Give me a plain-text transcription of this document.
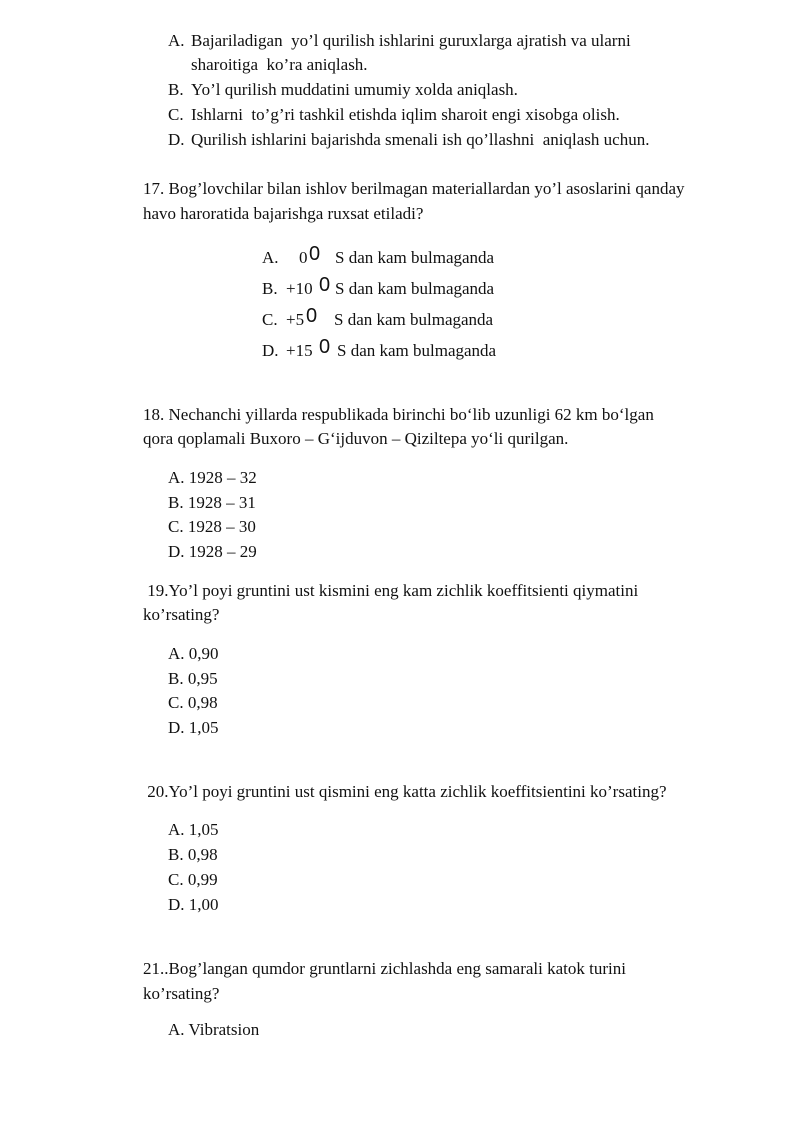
A. Bajariladigan  yo’l qurilish ishlarini guruxlarga ajratish va ularni
sharoitiga  ko’ra aniqlash.
B. Yo’l qurilish muddatini umumiy xolda aniqlash.
C. Ishlarni  to’g’ri tashkil etishda iqlim sharoit engi xisobga olish.
D. Qurilish ishlarini bajarishda smenali ish qo’llashni  aniqlash uchun.
17. Bog’lovchilar bilan ishlov berilmagan materiallardan yo’l asoslarini qanday
havo haroratida bajarishga ruxsat etiladi?
A. 0 0 S dan kam bulmaganda
B. +10 0 S dan kam bulmaganda
C. +5 0 S dan kam bulmaganda
D. +15 0 S dan kam bulmaganda
18. Nechanchi yillarda respublikada birinchi bo‘lib uzunligi 62 km bo‘lgan
qora qoplamali Buxoro – G‘ijduvon – Qiziltepa yo‘li qurilgan.
A. 1928 – 32
B. 1928 – 31
C. 1928 – 30
D. 1928 – 29
19.Yo’l poyi gruntini ust kismini eng kam zichlik koeffitsienti qiymatini
ko’rsating?
A. 0,90
B. 0,95
C. 0,98
D. 1,05
20.Yo’l poyi gruntini ust qismini eng katta zichlik koeffitsientini ko’rsating?
A. 1,05
B. 0,98
C. 0,99
D. 1,00
21..Bog’langan qumdor gruntlarni zichlashda eng samarali katok turini
ko’rsating?
A. Vibratsion
